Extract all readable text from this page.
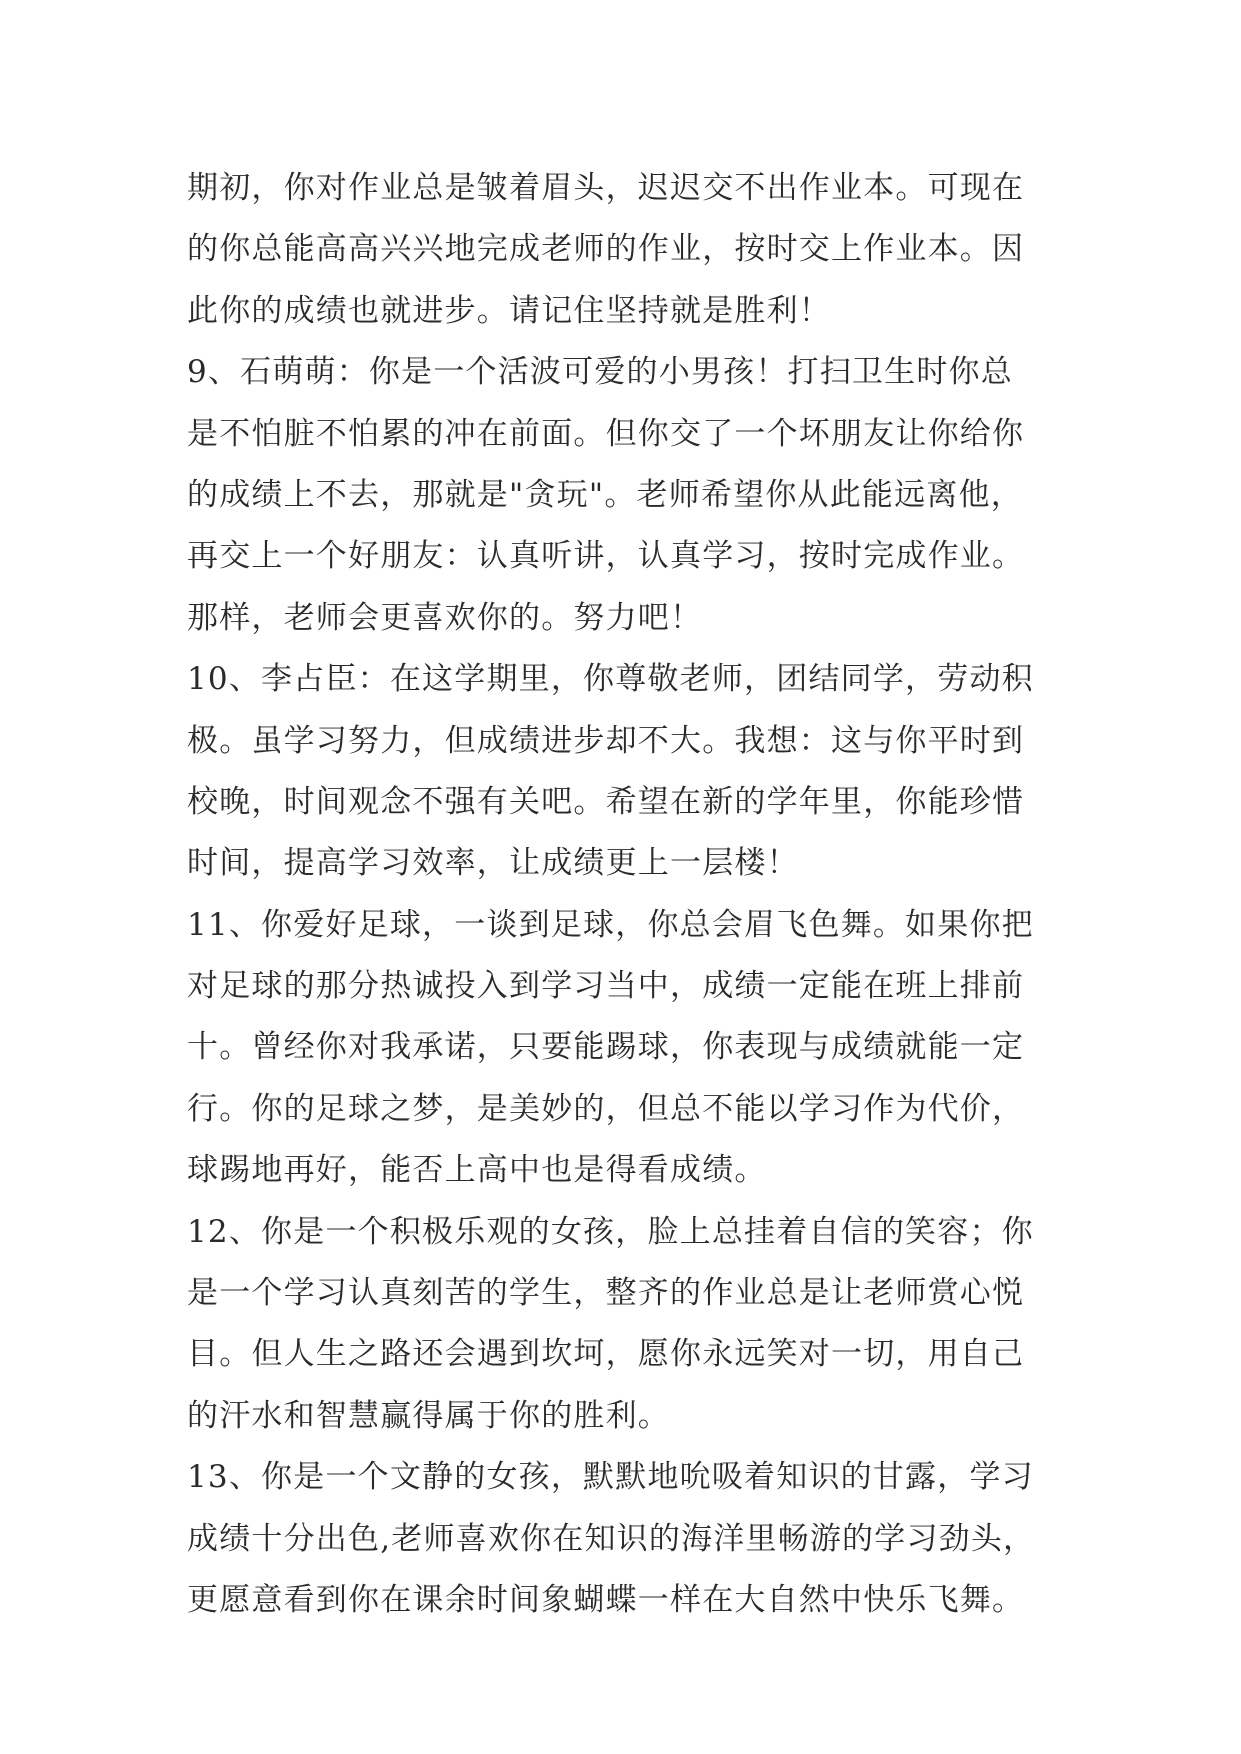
期初，你对作业总是皱着眉头，迟迟交不出作业本。可现在
的你总能高高兴兴地完成老师的作业，按时交上作业本。因
此你的成绩也就进步。请记住坚持就是胜利！
9、石萌萌：你是一个活波可爱的小男孩！打扫卫生时你总
是不怕脏不怕累的冲在前面。但你交了一个坏朋友让你给你
的成绩上不去，那就是"贪玩"。老师希望你从此能远离他，
再交上一个好朋友：认真听讲，认真学习，按时完成作业。
那样，老师会更喜欢你的。努力吧！
10、李占臣：在这学期里，你尊敬老师，团结同学，劳动积
极。虽学习努力，但成绩进步却不大。我想：这与你平时到
校晚，时间观念不强有关吧。希望在新的学年里，你能珍惜
时间，提高学习效率，让成绩更上一层楼！
11、你爱好足球，一谈到足球，你总会眉飞色舞。如果你把
对足球的那分热诚投入到学习当中，成绩一定能在班上排前
十。曾经你对我承诺，只要能踢球，你表现与成绩就能一定
行。你的足球之梦，是美妙的，但总不能以学习作为代价，
球踢地再好，能否上高中也是得看成绩。
12、你是一个积极乐观的女孩，脸上总挂着自信的笑容；你
是一个学习认真刻苦的学生，整齐的作业总是让老师赏心悦
目。但人生之路还会遇到坎坷，愿你永远笑对一切，用自己
的汗水和智慧赢得属于你的胜利。
13、你是一个文静的女孩，默默地吮吸着知识的甘露，学习
成绩十分出色,老师喜欢你在知识的海洋里畅游的学习劲头，
更愿意看到你在课余时间象蝴蝶一样在大自然中快乐飞舞。
